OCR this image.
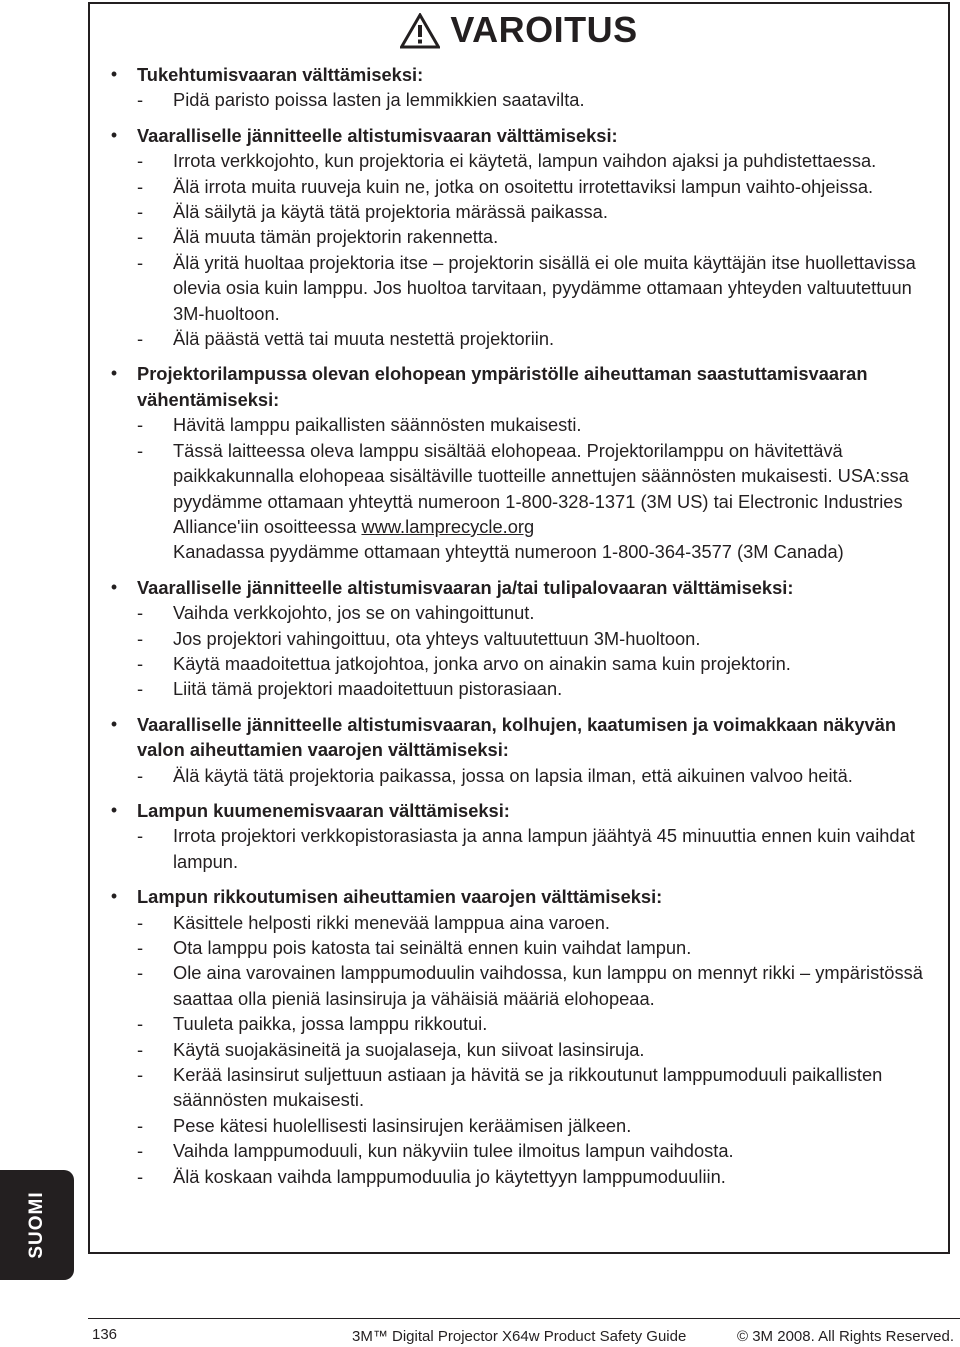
VAROITUS
•	Tukehtumisvaaran välttämiseksi:
- Pidä paristo poissa lasten ja lemmikkien saatavilta.
•	Vaaralliselle jännitteelle altistumisvaaran välttämiseksi:
- Irrota verkkojohto, kun projektoria ei käytetä, lampun vaihdon ajaksi ja puhdistettaessa.
- Älä irrota muita ruuveja kuin ne, jotka on osoitettu irrotettaviksi lampun vaihto-ohjeissa.
- Älä säilytä ja käytä tätä projektoria märässä paikassa.
- Älä muuta tämän projektorin rakennetta.
- Älä yritä huoltaa projektoria itse – projektorin sisällä ei ole muita käyttäjän itse huollettavissa olevia osia kuin lamppu. Jos huoltoa tarvitaan, pyydämme ottamaan yhteyden valtuutettuun 3M-huoltoon.
- Älä päästä vettä tai muuta nestettä projektoriin.
•	Projektorilampussa olevan elohopean ympäristölle aiheuttaman saastuttamisvaaran vähentämiseksi:
- Hävitä lamppu paikallisten säännösten mukaisesti.
- Tässä laitteessa oleva lamppu sisältää elohopeaa. Projektorilamppu on hävitettävä paikkakunnalla elohopeaa sisältäville tuotteille annettujen säännösten mukaisesti. USA:ssa pyydämme ottamaan yhteyttä numeroon 1-800-328-1371 (3M US) tai Electronic Industries Alliance'iin osoitteessa www.lamprecycle.org
Kanadassa pyydämme ottamaan yhteyttä numeroon 1-800-364-3577 (3M Canada)
•	Vaaralliselle jännitteelle altistumisvaaran ja/tai tulipalovaaran välttämiseksi:
- Vaihda verkkojohto, jos se on vahingoittunut.
- Jos projektori vahingoittuu, ota yhteys valtuutettuun 3M-huoltoon.
- Käytä maadoitettua jatkojohtoa, jonka arvo on ainakin sama kuin projektorin.
- Liitä tämä projektori maadoitettuun pistorasiaan.
•	Vaaralliselle jännitteelle altistumisvaaran, kolhujen, kaatumisen ja voimakkaan näkyvän valon aiheuttamien vaarojen välttämiseksi:
- Älä käytä tätä projektoria paikassa, jossa on lapsia ilman, että aikuinen valvoo heitä.
•	Lampun kuumenemisvaaran välttämiseksi:
- Irrota projektori verkkopistorasiasta ja anna lampun jäähtyä 45 minuuttia ennen kuin vaihdat lampun.
•	Lampun rikkoutumisen aiheuttamien vaarojen välttämiseksi:
- Käsittele helposti rikki menevää lamppua aina varoen.
- Ota lamppu pois katosta tai seinältä ennen kuin vaihdat lampun.
- Ole aina varovainen lamppumoduulin vaihdossa, kun lamppu on mennyt rikki – ympäristössä saattaa olla pieniä lasinsiruja ja vähäisiä määriä elohopeaa.
- Tuuleta paikka, jossa lamppu rikkoutui.
- Käytä suojakäsineitä ja suojalaseja, kun siivoat lasinsiruja.
- Kerää lasinsirut suljettuun astiaan ja hävitä se ja rikkoutunut lamppumoduuli paikallisten säännösten mukaisesti.
- Pese kätesi huolellisesti lasinsirujen keräämisen jälkeen.
- Vaihda lamppumoduuli, kun näkyviin tulee ilmoitus lampun vaihdosta.
- Älä koskaan vaihda lamppumoduulia jo käytettyyn lamppumoduuliin.
SUOMI
136	3M™ Digital Projector X64w Product Safety Guide	© 3M 2008. All Rights Reserved.
